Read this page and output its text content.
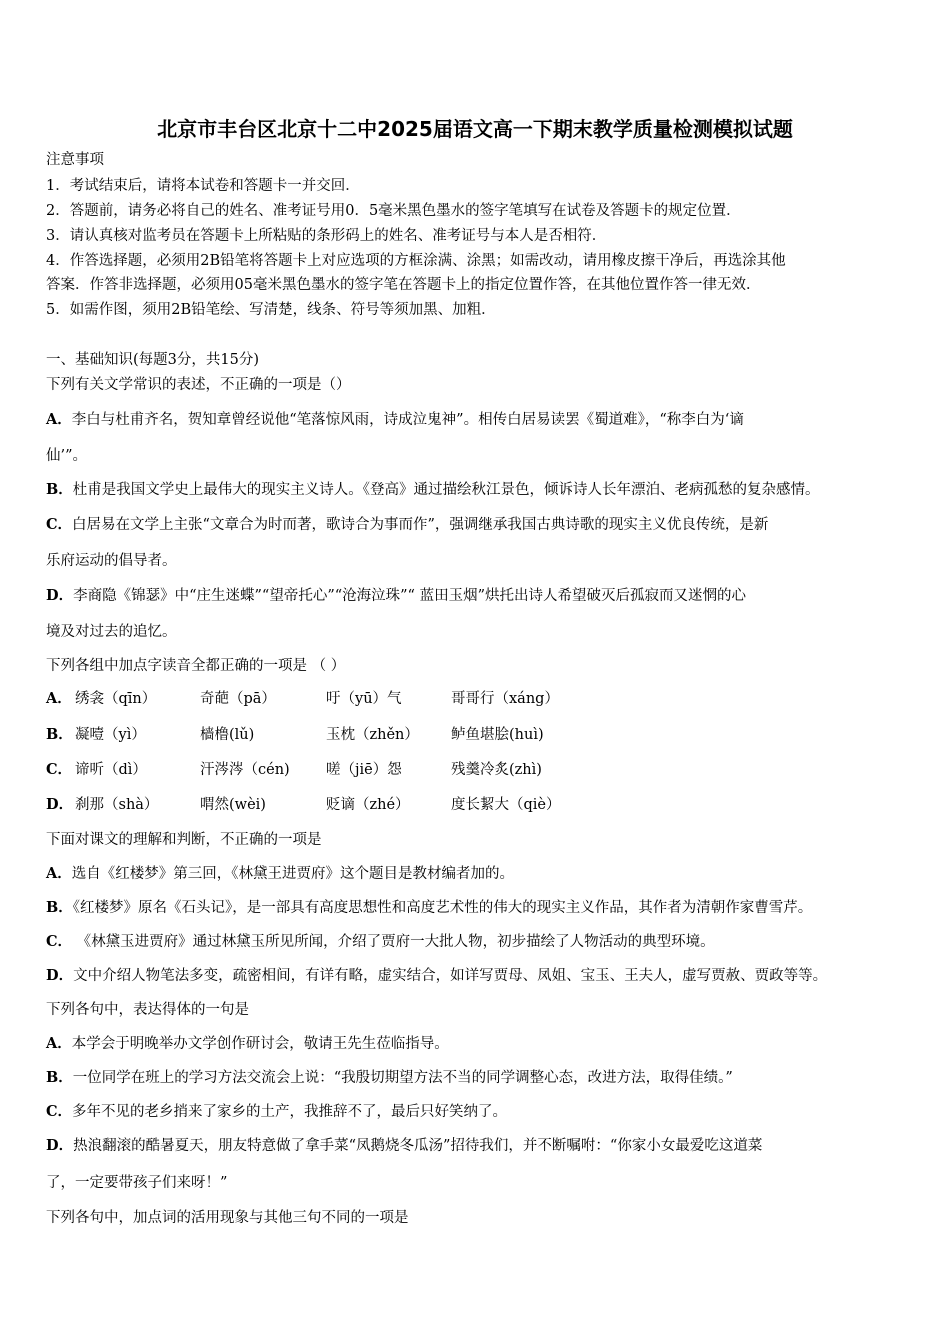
北京市丰台区北京十二中2025届语文高一下期末教学质量检测模拟试题
注意事项
1．考试结束后，请将本试卷和答题卡一并交回．
2．答题前，请务必将自己的姓名、准考证号用0．5毫米黑色墨水的签字笔填写在试卷及答题卡的规定位置．
3．请认真核对监考员在答题卡上所粘贴的条形码上的姓名、准考证号与本人是否相符．
4．作答选择题，必须用2B铅笔将答题卡上对应选项的方框涂满、涂黑；如需改动，请用橡皮擦干净后，再选涂其他
答案．作答非选择题，必须用05毫米黑色墨水的签字笔在答题卡上的指定位置作答，在其他位置作答一律无效．
5．如需作图，须用2B铅笔绘、写清楚，线条、符号等须加黑、加粗．
一、基础知识(每题3分，共15分)
下列有关文学常识的表述，不正确的一项是（）
A．李白与杜甫齐名，贺知章曾经说他“笔落惊风雨，诗成泣鬼神”。相传白居易读罢《蜀道难》，“称李白为‘谪
仙’”。
B．杜甫是我国文学史上最伟大的现实主义诗人。《登高》通过描绘秋江景色，倾诉诗人长年漂泊、老病孤愁的复杂感情。
C．白居易在文学上主张“文章合为时而著，歌诗合为事而作”，强调继承我国古典诗歌的现实主义优良传统，是新
乐府运动的倡导者。
D．李商隐《锦瑟》中“庄生迷蝶”“望帝托心”“沧海泣珠”“ 蓝田玉烟”烘托出诗人希望破灭后孤寂而又迷惘的心
境及对过去的追忆。
下列各组中加点字读音全都正确的一项是 （ ）
A． 绣衾（qīn）	奇葩（pā）	吁（yū）气	哥哥行（xáng）
B． 凝噎（yì）	樯橹(lǔ)	玉枕（zhěn） 鲈鱼堪脍(huì)
C． 谛听（dì）	汗涔涔（cén)	嗟（jiē）怨	残羹冷炙(zhì)
D． 刹那（shà）	喟然(wèi)	贬谪（zhé）	度长絜大（qiè）
下面对课文的理解和判断，不正确的一项是
A．选自《红楼梦》第三回，《林黛王进贾府》这个题目是教材编者加的。
B．《红楼梦》原名《石头记》，是一部具有高度思想性和高度艺术性的伟大的现实主义作品，其作者为清朝作家曹雪芹。
C． 《林黛玉进贾府》通过林黛玉所见所闻，介绍了贾府一大批人物，初步描绘了人物活动的典型环境。
D．文中介绍人物笔法多变，疏密相间，有详有略，虚实结合，如详写贾母、凤姐、宝玉、王夫人，虚写贾赦、贾政等等。
下列各句中，表达得体的一句是
A．本学会于明晚举办文学创作研讨会，敬请王先生莅临指导。
B．一位同学在班上的学习方法交流会上说：“我殷切期望方法不当的同学调整心态，改进方法，取得佳绩。”
C．多年不见的老乡捎来了家乡的土产，我推辞不了，最后只好笑纳了。
D．热浪翻滚的酷暑夏天，朋友特意做了拿手菜“凤鹅烧冬瓜汤”招待我们，并不断嘱咐：“你家小女最爱吃这道菜
了，一定要带孩子们来呀！”
下列各句中，加点词的活用现象与其他三句不同的一项是
